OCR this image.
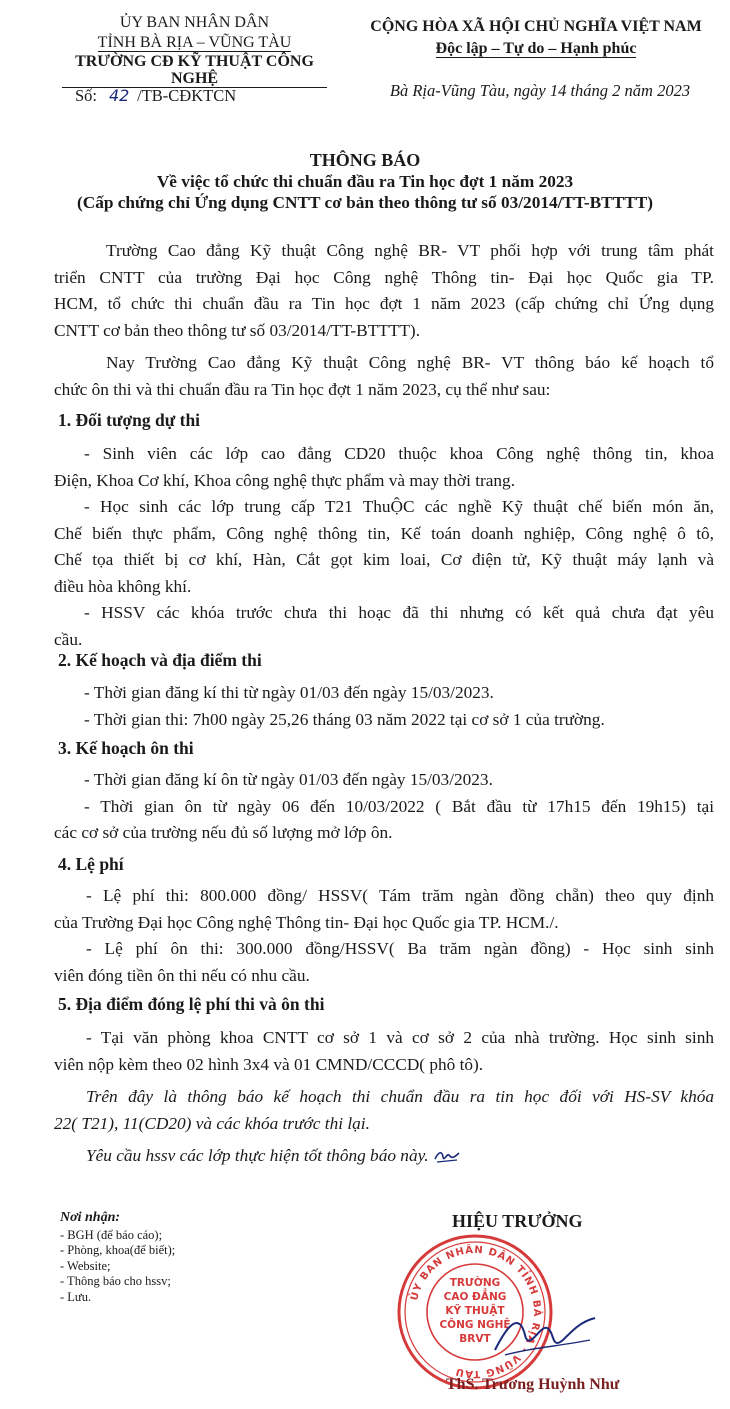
ỦY BAN NHÂN DÂN
TỈNH BÀ RỊA – VŨNG TÀU
TRƯỜNG CĐ KỸ THUẬT CÔNG NGHỆ
Số: 42 /TB-CĐKTCN
CỘNG HÒA XÃ HỘI CHỦ NGHĨA VIỆT NAM
Độc lập – Tự do – Hạnh phúc
Bà Rịa-Vũng Tàu, ngày 14 tháng 2 năm 2023
THÔNG BÁO
Về việc tổ chức thi chuẩn đầu ra Tin học đợt 1 năm 2023
(Cấp chứng chỉ Ứng dụng CNTT cơ bản theo thông tư số 03/2014/TT-BTTTT)
Trường Cao đẳng Kỹ thuật Công nghệ BR- VT phối hợp với trung tâm phát
triển CNTT của trường Đại học Công nghệ Thông tin- Đại học Quốc gia TP.
HCM, tổ chức thi chuẩn đầu ra Tin học đợt 1 năm 2023 (cấp chứng chỉ Ứng dụng
CNTT cơ bản theo thông tư số 03/2014/TT-BTTTT).
Nay Trường Cao đẳng Kỹ thuật Công nghệ BR- VT thông báo kế hoạch tổ
chức ôn thi và thi chuẩn đầu ra Tin học đợt 1 năm 2023, cụ thể như sau:
1. Đối tượng dự thi
- Sinh viên các lớp cao đẳng CD20 thuộc khoa Công nghệ thông tin, khoa
Điện, Khoa Cơ khí, Khoa công nghệ thực phẩm và may thời trang.
- Học sinh các lớp trung cấp T21 ThuỘC các nghề Kỹ thuật chế biến món ăn,
Chế biến thực phẩm, Công nghệ thông tin, Kế toán doanh nghiệp, Công nghệ ô tô,
Chế tọa thiết bị cơ khí, Hàn, Cắt gọt kim loai, Cơ điện tử, Kỹ thuật máy lạnh và
điều hòa không khí.
- HSSV các khóa trước chưa thi hoạc đã thi nhưng có kết quả chưa đạt yêu
cầu.
2. Kế hoạch và địa điểm thi
- Thời gian đăng kí thi từ ngày 01/03 đến ngày 15/03/2023.
- Thời gian thi: 7h00 ngày 25,26 tháng 03 năm 2022 tại cơ sở 1 của trường.
3. Kế hoạch ôn thi
- Thời gian đăng kí ôn từ ngày 01/03 đến ngày 15/03/2023.
- Thời gian ôn từ ngày 06 đến 10/03/2022 ( Bắt đầu từ 17h15 đến 19h15) tại
các cơ sở của trường nếu đủ số lượng mở lớp ôn.
4. Lệ phí
- Lệ phí thi: 800.000 đồng/ HSSV( Tám trăm ngàn đồng chẵn) theo quy định
của Trường Đại học Công nghệ Thông tin- Đại học Quốc gia TP. HCM./.
- Lệ phí ôn thi: 300.000 đồng/HSSV( Ba trăm ngàn đồng) - Học sinh sinh
viên đóng tiền ôn thi nếu có nhu cầu.
5. Địa điểm đóng lệ phí thi và ôn thi
- Tại văn phòng khoa CNTT cơ sở 1 và cơ sở 2 của nhà trường. Học sinh sinh
viên nộp kèm theo 02 hình 3x4 và 01 CMND/CCCD( phô tô).
Trên đây là thông báo kế hoạch thi chuẩn đầu ra tin học đối với HS-SV khóa
22( T21), 11(CD20) và các khóa trước thi lại.
Yêu cầu hssv các lớp thực hiện tốt thông báo này.
Nơi nhận:
- BGH (để báo cáo);
- Phòng, khoa(để biết);
- Website;
- Thông báo cho hssv;
- Lưu.
HIỆU TRƯỞNG
ỦY BAN NHÂN DÂN TỈNH BÀ RỊA - VŨNG TÀU
TRƯỜNG
CAO ĐẲNG
KỸ THUẬT
CÔNG NGHỆ
BRVT
ThS. Trương Huỳnh Như
